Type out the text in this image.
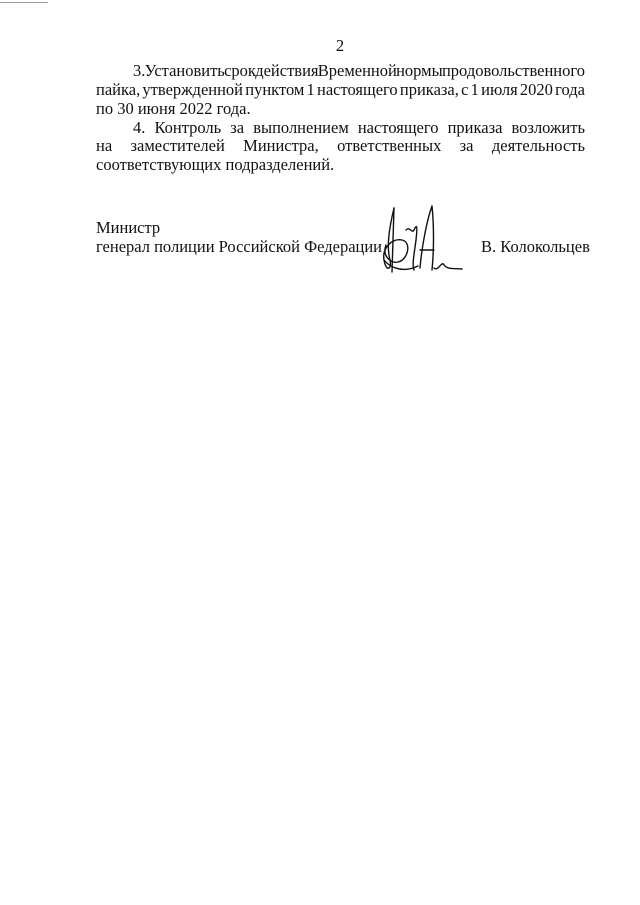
2
3. Установить срок действия Временной нормы продовольственного
пайка, утвержденной пунктом 1 настоящего приказа, с 1 июля 2020 года
по 30 июня 2022 года.
4. Контроль за выполнением настоящего приказа возложить
на заместителей Министра, ответственных за деятельность
соответствующих подразделений.
Министр
генерал полиции Российской Федерации	В. Колокольцев
